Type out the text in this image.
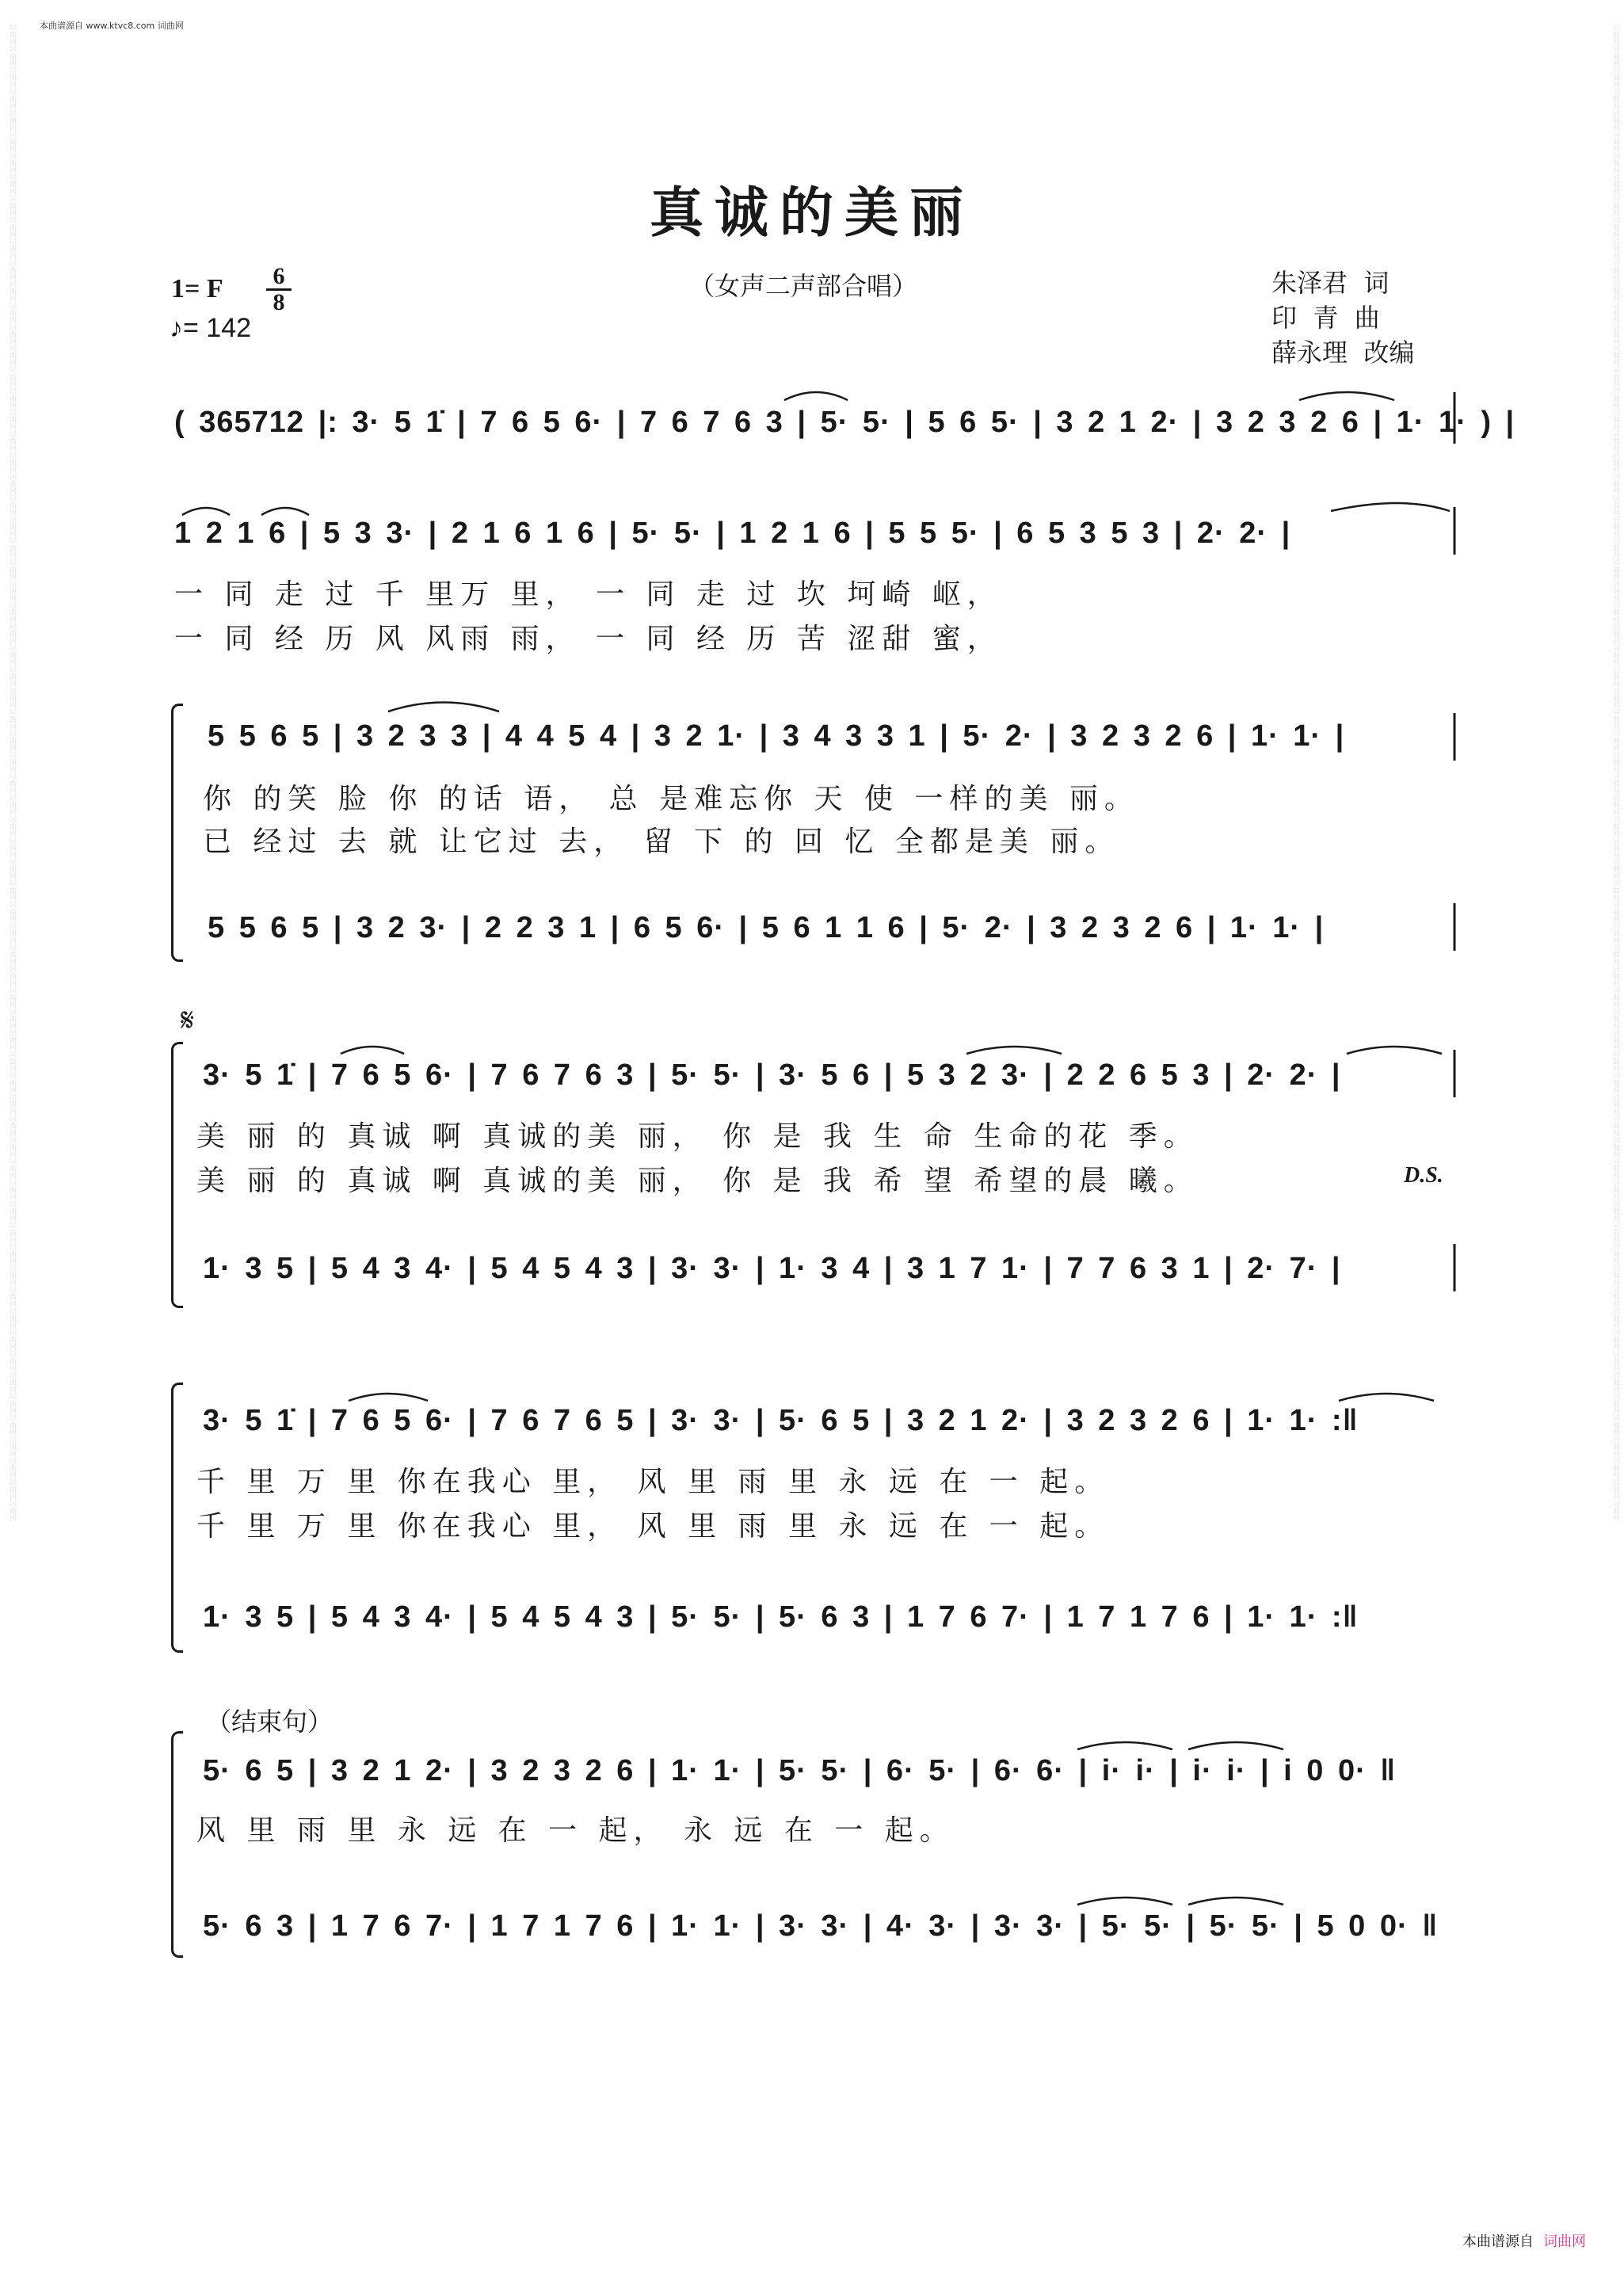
词曲网
词曲网
词曲网
词曲网
词曲网
词曲网
词曲网
词曲网
词曲网
词曲网
词曲网
词曲网
词曲网
词曲网
词曲网
词曲网
词曲网
词曲网
词曲网
词曲网
词曲网
词曲网
词曲网
词曲网
词曲网
词曲网
词曲网
词曲网
词曲网
词曲网
词曲网
词曲网
词曲网
词曲网
词曲网
词曲网
词曲网
词曲网
词曲网
词曲网
词曲网
词曲网
词曲网
词曲网
词曲网
词曲网
词曲网
词曲网
词曲网
词曲网
词曲网
词曲网
词曲网
词曲网
词曲网
词曲网
词曲网
词曲网
词曲网
词曲网
词曲网
词曲网
词曲网
词曲网
词曲网
词曲网
词曲网
词曲网
词曲网
词曲网
词曲网
词曲网
词曲网
词曲网
词曲网
词曲网
词曲网
词曲网
词曲网
词曲网
词曲网
词曲网
词曲网
词曲网
词曲网
词曲网
词曲网
词曲网
词曲网
词曲网
词曲网
词曲网
词曲网
词曲网
词曲网
词曲网
词曲网
词曲网
词曲网
词曲网
词曲网
词曲网
词曲网
词曲网
词曲网
词曲网
词曲网
词曲网
词曲网
词曲网
词曲网
词曲网
词曲网
词曲网
词曲网
词曲网
词曲网
词曲网
词曲网
词曲网
词曲网
词曲网
词曲网
词曲网
词曲网
词曲网
词曲网
词曲网
词曲网
词曲网
词曲网
词曲网
词曲网
词曲网
词曲网
词曲网
词曲网
词曲网
词曲网
词曲网
本曲谱源自 www.ktvc8.com 词曲网
真诚的美丽
（女声二声部合唱）
1= F	6
8
♪= 142
朱泽君  词
印  青  曲
薛永理  改编
( 365712 |: 3· 5 1̇ | 7 6 5 6· | 7 6 7 6 3 | 5· 5· | 5 6 5· | 3 2 1 2· | 3 2 3 2 6 | 1· 1· ) |
1 2 1 6 | 5 3 3· | 2 1 6 1 6 | 5· 5· | 1 2 1 6 | 5 5 5· | 6 5 3 5 3 | 2· 2· |
一 同 走 过 千 里万 里， 一 同 走 过 坎 坷崎 岖，
一 同 经 历 风 风雨 雨， 一 同 经 历 苦 涩甜 蜜，
5 5 6 5 | 3 2 3 3 | 4 4 5 4 | 3 2 1· | 3 4 3 3 1 | 5· 2· | 3 2 3 2 6 | 1· 1· |
你 的笑 脸 你 的话 语， 总 是难忘你 天 使 一样的美 丽。
已 经过 去 就 让它过 去， 留 下 的 回 忆 全都是美 丽。
5 5 6 5 | 3 2 3· | 2 2 3 1 | 6 5 6· | 5 6 1 1 6 | 5· 2· | 3 2 3 2 6 | 1· 1· |
𝄋
3· 5 1̇ | 7 6 5 6· | 7 6 7 6 3 | 5· 5· | 3· 5 6 | 5 3 2 3· | 2 2 6 5 3 | 2· 2· |
美 丽 的 真诚 啊 真诚的美 丽， 你 是 我 生 命 生命的花 季。
美 丽 的 真诚 啊 真诚的美 丽， 你 是 我 希 望 希望的晨 曦。	D.S.
1· 3 5 | 5 4 3 4· | 5 4 5 4 3 | 3· 3· | 1· 3 4 | 3 1 7 1· | 7 7 6 3 1 | 2· 7· |
3· 5 1̇ | 7 6 5 6· | 7 6 7 6 5 | 3· 3· | 5· 6 5 | 3 2 1 2· | 3 2 3 2 6 | 1· 1· :‖
千 里 万 里 你在我心 里， 风 里 雨 里 永 远 在 一 起。
千 里 万 里 你在我心 里， 风 里 雨 里 永 远 在 一 起。
1· 3 5 | 5 4 3 4· | 5 4 5 4 3 | 5· 5· | 5· 6 3 | 1 7 6 7· | 1 7 1 7 6 | 1· 1· :‖
（结束句）
5· 6 5 | 3 2 1 2· | 3 2 3 2 6 | 1· 1· | 5· 5· | 6· 5· | 6· 6· | i· i· | i· i· | i 0 0· ‖
风 里 雨 里 永 远 在 一 起， 永 远 在 一 起。
5· 6 3 | 1 7 6 7· | 1 7 1 7 6 | 1· 1· | 3· 3· | 4· 3· | 3· 3· | 5· 5· | 5· 5· | 5 0 0· ‖
本曲谱源自 词曲网
